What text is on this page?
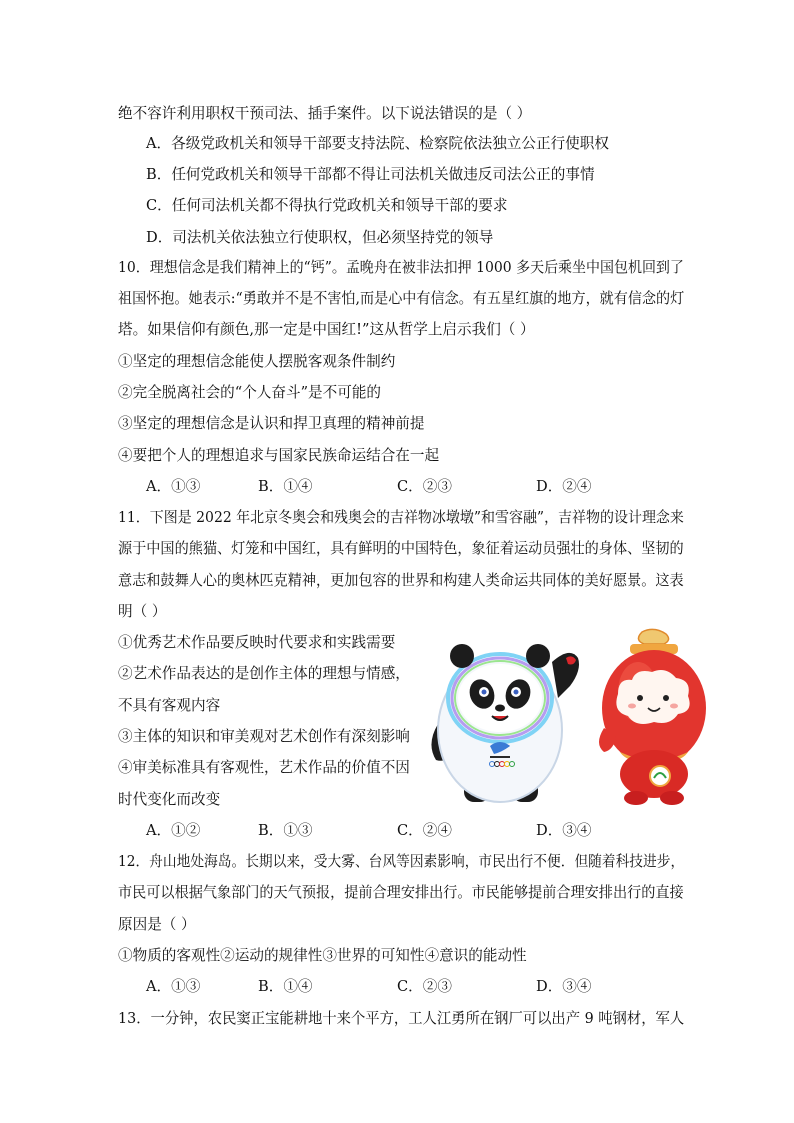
绝不容许利用职权干预司法、插手案件。以下说法错误的是（ ）
A．各级党政机关和领导干部要支持法院、检察院依法独立公正行使职权
B．任何党政机关和领导干部都不得让司法机关做违反司法公正的事情
C．任何司法机关都不得执行党政机关和领导干部的要求
D．司法机关依法独立行使职权，但必须坚持党的领导
10．理想信念是我们精神上的“钙”。孟晚舟在被非法扣押 1000 多天后乘坐中国包机回到了
祖国怀抱。她表示:“勇敢并不是不害怕,而是心中有信念。有五星红旗的地方，就有信念的灯
塔。如果信仰有颜色,那一定是中国红!”这从哲学上启示我们（ ）
①坚定的理想信念能使人摆脱客观条件制约
②完全脱离社会的“个人奋斗”是不可能的
③坚定的理想信念是认识和捍卫真理的精神前提
④要把个人的理想追求与国家民族命运结合在一起
A．①③	B．①④	C．②③	D．②④
11．下图是 2022 年北京冬奥会和残奥会的吉祥物冰墩墩”和雪容融”，吉祥物的设计理念来
源于中国的熊猫、灯笼和中国红，具有鲜明的中国特色，象征着运动员强壮的身体、坚韧的
意志和鼓舞人心的奥林匹克精神，更加包容的世界和构建人类命运共同体的美好愿景。这表
明（ ）
①优秀艺术作品要反映时代要求和实践需要
②艺术作品表达的是创作主体的理想与情感，
不具有客观内容
③主体的知识和审美观对艺术创作有深刻影响
④审美标准具有客观性，艺术作品的价值不因
时代变化而改变
A．①②	B．①③	C．②④	D．③④
12．舟山地处海岛。长期以来，受大雾、台风等因素影响，市民出行不便．但随着科技进步，
市民可以根据气象部门的天气预报，提前合理安排出行。市民能够提前合理安排出行的直接
原因是（ ）
①物质的客观性②运动的规律性③世界的可知性④意识的能动性
A．①③	B．①④	C．②③	D．③④
13．一分钟，农民窦正宝能耕地十来个平方，工人江勇所在钢厂可以出产 9 吨钢材，军人
